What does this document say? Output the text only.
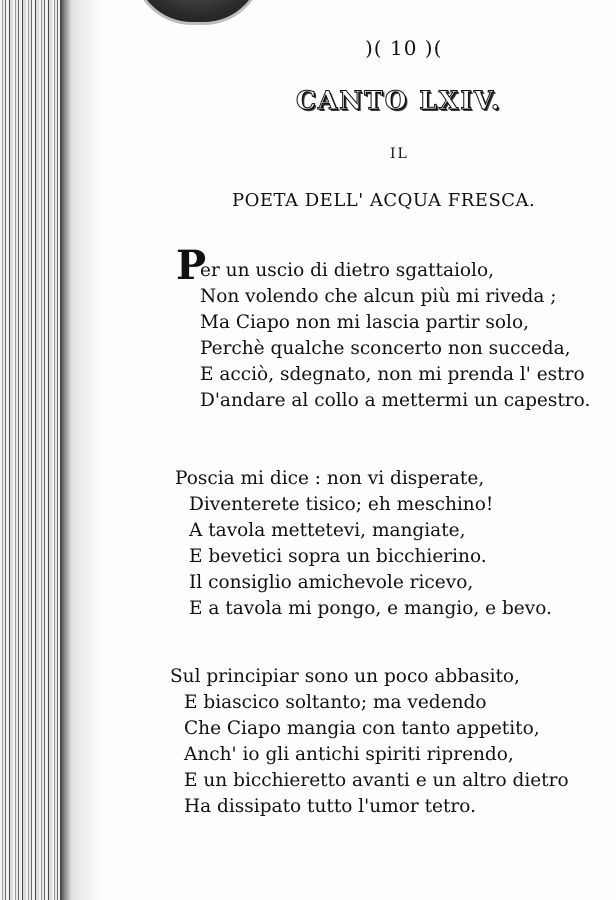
)( 10 )(
CANTO LXIV.
IL
POETA DELL' ACQUA FRESCA.
P
er un uscio di dietro sgattaiolo,
Non volendo che alcun più mi riveda ;
Ma Ciapo non mi lascia partir solo,
Perchè qualche sconcerto non succeda,
E acciò, sdegnato, non mi prenda l' estro
D'andare al collo a mettermi un capestro.
Poscia mi dice : non vi disperate,
Diventerete tisico; eh meschino!
A tavola mettetevi, mangiate,
E bevetici sopra un bicchierino.
Il consiglio amichevole ricevo,
E a tavola mi pongo, e mangio, e bevo.
Sul principiar sono un poco abbasito,
E biascico soltanto; ma vedendo
Che Ciapo mangia con tanto appetito,
Anch' io gli antichi spiriti riprendo,
E un bicchieretto avanti e un altro dietro
Ha dissipato tutto l'umor tetro.
